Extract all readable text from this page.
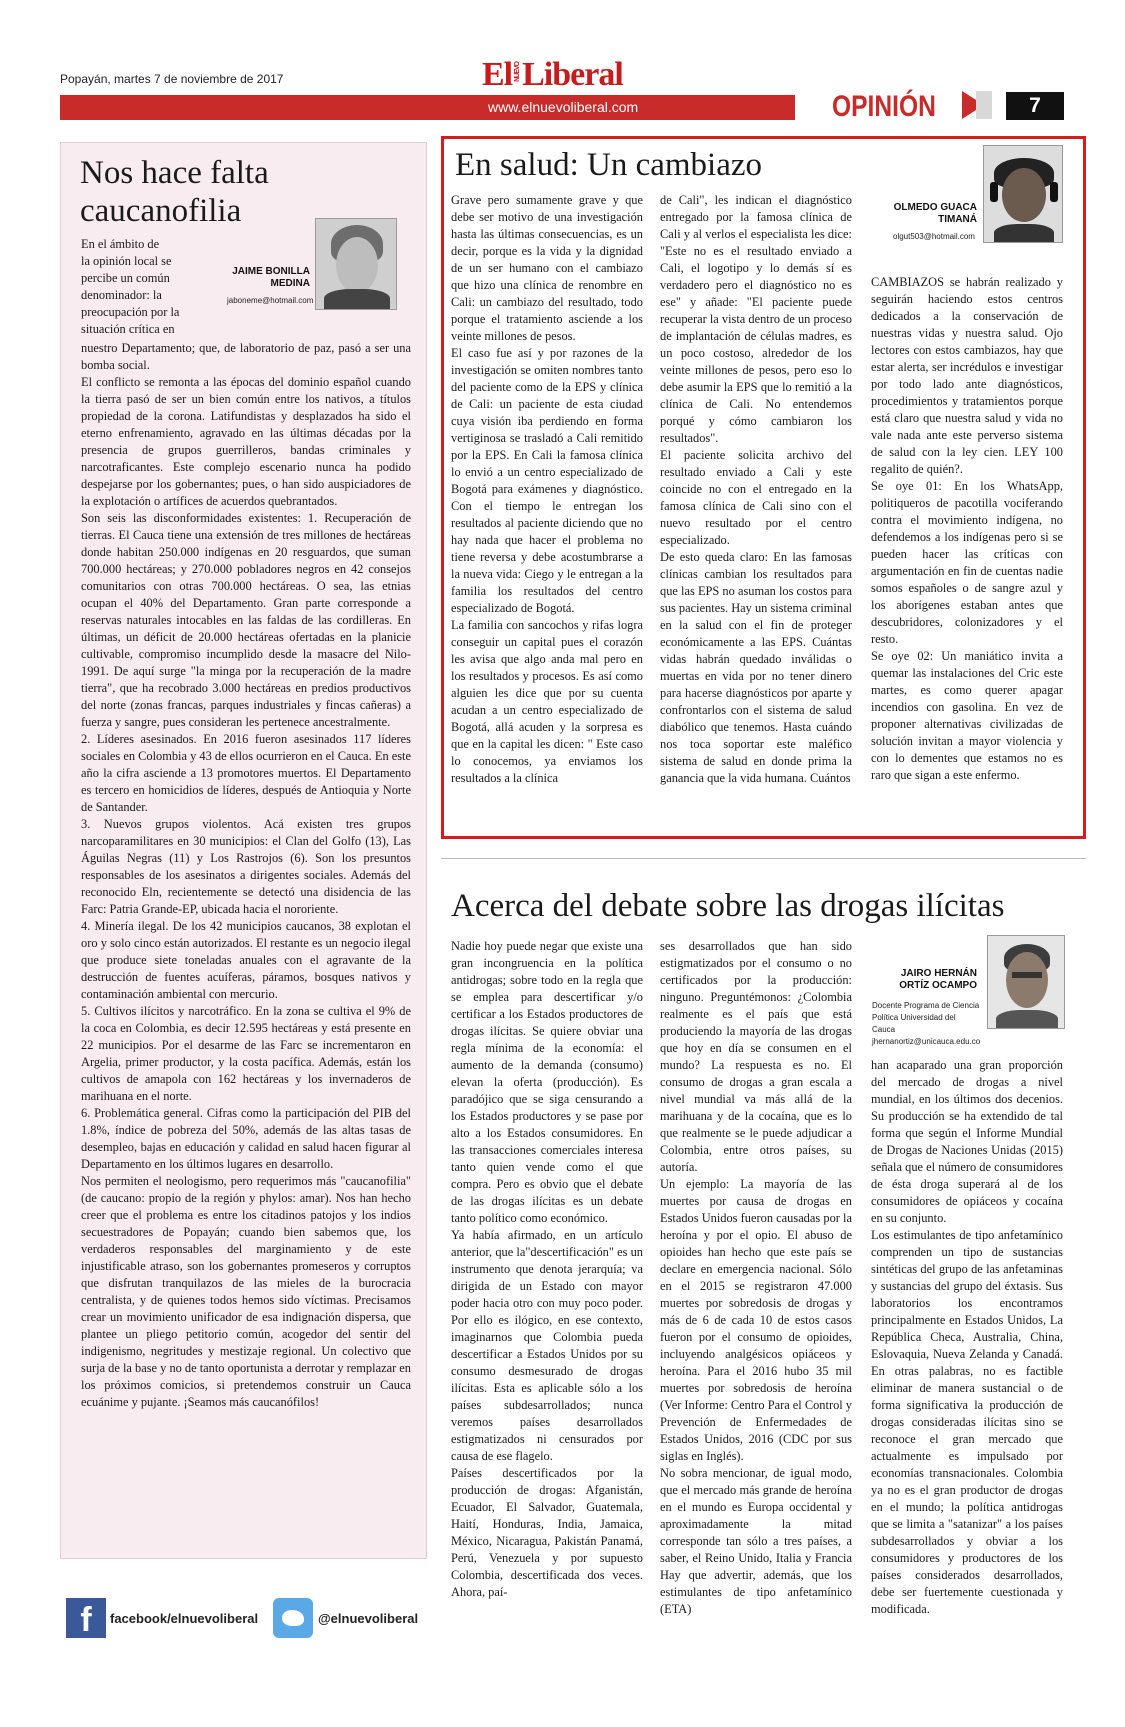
Popayán, martes 7 de noviembre de 2017	El NUEVO Liberal
www.elnuevoliberal.com	OPINIÓN	7
Nos hace falta caucanofilia
En el ámbito de
la opinión local se
percibe un común
denominador: la
preocupación por la
situación crítica en
JAIME BONILLA
MEDINA
jaboneme@hotmail.com
nuestro Departamento; que, de laboratorio de paz, pasó a ser una bomba social.
El conflicto se remonta a las épocas del dominio español cuando la tierra pasó de ser un bien común entre los nativos, a títulos propiedad de la corona. Latifundistas y desplazados ha sido el eterno enfrenamiento, agravado en las últimas décadas por la presencia de grupos guerrilleros, bandas criminales y narcotraficantes. Este complejo escenario nunca ha podido despejarse por los gobernantes; pues, o han sido auspiciadores de la explotación o artífices de acuerdos quebrantados.
Son seis las disconformidades existentes: 1. Recuperación de tierras. El Cauca tiene una extensión de tres millones de hectáreas donde habitan 250.000 indígenas en 20 resguardos, que suman 700.000 hectáreas; y 270.000 pobladores negros en 42 consejos comunitarios con otras 700.000 hectáreas. O sea, las etnias ocupan el 40% del Departamento. Gran parte corresponde a reservas naturales intocables en las faldas de las cordilleras. En últimas, un déficit de 20.000 hectáreas ofertadas en la planicie cultivable, compromiso incumplido desde la masacre del Nilo-1991. De aquí surge "la minga por la recuperación de la madre tierra", que ha recobrado 3.000 hectáreas en predios productivos del norte (zonas francas, parques industriales y fincas cañeras) a fuerza y sangre, pues consideran les pertenece ancestralmente.
2. Líderes asesinados. En 2016 fueron asesinados 117 líderes sociales en Colombia y 43 de ellos ocurrieron en el Cauca. En este año la cifra asciende a 13 promotores muertos. El Departamento es tercero en homicidios de líderes, después de Antioquia y Norte de Santander.
3. Nuevos grupos violentos. Acá existen tres grupos narcoparamilitares en 30 municipios: el Clan del Golfo (13), Las Águilas Negras (11) y Los Rastrojos (6). Son los presuntos responsables de los asesinatos a dirigentes sociales. Además del reconocido Eln, recientemente se detectó una disidencia de las Farc: Patria Grande-EP, ubicada hacia el nororiente.
4. Minería ilegal. De los 42 municipios caucanos, 38 explotan el oro y solo cinco están autorizados. El restante es un negocio ilegal que produce siete toneladas anuales con el agravante de la destrucción de fuentes acuíferas, páramos, bosques nativos y contaminación ambiental con mercurio.
5. Cultivos ilícitos y narcotráfico. En la zona se cultiva el 9% de la coca en Colombia, es decir 12.595 hectáreas y está presente en 22 municipios. Por el desarme de las Farc se incrementaron en Argelia, primer productor, y la costa pacífica. Además, están los cultivos de amapola con 162 hectáreas y los invernaderos de marihuana en el norte.
6. Problemática general. Cifras como la participación del PIB del 1.8%, índice de pobreza del 50%, además de las altas tasas de desempleo, bajas en educación y calidad en salud hacen figurar al Departamento en los últimos lugares en desarrollo.
Nos permiten el neologismo, pero requerimos más "caucanofilia" (de caucano: propio de la región y phylos: amar). Nos han hecho creer que el problema es entre los citadinos patojos y los indios secuestradores de Popayán; cuando bien sabemos que, los verdaderos responsables del marginamiento y de este injustificable atraso, son los gobernantes promeseros y corruptos que disfrutan tranquilazos de las mieles de la burocracia centralista, y de quienes todos hemos sido víctimas. Precisamos crear un movimiento unificador de esa indignación dispersa, que plantee un pliego petitorio común, acogedor del sentir del indigenismo, negritudes y mestizaje regional. Un colectivo que surja de la base y no de tanto oportunista a derrotar y remplazar en los próximos comicios, si pretendemos construir un Cauca ecuánime y pujante. ¡Seamos más caucanófilos!
En salud: Un cambiazo
OLMEDO GUACA
TIMANÁ
olgut503@hotmail.com
Grave pero sumamente grave y que debe ser motivo de una investigación hasta las últimas consecuencias, es un decir, porque es la vida y la dignidad de un ser humano con el cambiazo que hizo una clínica de renombre en Cali: un cambiazo del resultado, todo porque el tratamiento asciende a los veinte millones de pesos.
El caso fue así y por razones de la investigación se omiten nombres tanto del paciente como de la EPS y clínica de Cali: un paciente de esta ciudad cuya visión iba perdiendo en forma vertiginosa se trasladó a Cali remitido por la EPS. En Cali la famosa clínica lo envió a un centro especializado de Bogotá para exámenes y diagnóstico. Con el tiempo le entregan los resultados al paciente diciendo que no hay nada que hacer el problema no tiene reversa y debe acostumbrarse a la nueva vida: Ciego y le entregan a la familia los resultados del centro especializado de Bogotá.
La familia con sancochos y rifas logra conseguir un capital pues el corazón les avisa que algo anda mal pero en los resultados y procesos. Es así como alguien les dice que por su cuenta acudan a un centro especializado de Bogotá, allá acuden y la sorpresa es que en la capital les dicen: " Este caso lo conocemos, ya enviamos los resultados a la clínica
de Cali", les indican el diagnóstico entregado por la famosa clínica de Cali y al verlos el especialista les dice: "Este no es el resultado enviado a Cali, el logotipo y lo demás sí es verdadero pero el diagnóstico no es ese" y añade: "El paciente puede recuperar la vista dentro de un proceso de implantación de células madres, es un poco costoso, alrededor de los veinte millones de pesos, pero eso lo debe asumir la EPS que lo remitió a la clínica de Cali. No entendemos porqué y cómo cambiaron los resultados".
El paciente solicita archivo del resultado enviado a Cali y este coincide no con el entregado en la famosa clínica de Cali sino con el nuevo resultado por el centro especializado.
De esto queda claro: En las famosas clínicas cambian los resultados para que las EPS no asuman los costos para sus pacientes. Hay un sistema criminal en la salud con el fin de proteger económicamente a las EPS. Cuántas vidas habrán quedado inválidas o muertas en vida por no tener dinero para hacerse diagnósticos por aparte y confrontarlos con el sistema de salud diabólico que tenemos. Hasta cuándo nos toca soportar este maléfico sistema de salud en donde prima la ganancia que la vida humana. Cuántos
CAMBIAZOS se habrán realizado y seguirán haciendo estos centros dedicados a la conservación de nuestras vidas y nuestra salud. Ojo lectores con estos cambiazos, hay que estar alerta, ser incrédulos e investigar por todo lado ante diagnósticos, procedimientos y tratamientos porque está claro que nuestra salud y vida no vale nada ante este perverso sistema de salud con la ley cien. LEY 100 regalito de quién?.
Se oye 01: En los WhatsApp, politiqueros de pacotilla vociferando contra el movimiento indígena, no defendemos a los indígenas pero si se pueden hacer las críticas con argumentación en fin de cuentas nadie somos españoles o de sangre azul y los aborígenes estaban antes que descubridores, colonizadores y el resto.
Se oye 02: Un maniático invita a quemar las instalaciones del Cric este martes, es como querer apagar incendios con gasolina. En vez de proponer alternativas civilizadas de solución invitan a mayor violencia y con lo dementes que estamos no es raro que sigan a este enfermo.
Acerca del debate sobre las drogas ilícitas
JAIRO HERNÁN
ORTÍZ OCAMPO
Docente Programa de Ciencia
Política Universidad del Cauca
jhernanortiz@unicauca.edu.co
Nadie hoy puede negar que existe una gran incongruencia en la política antidrogas; sobre todo en la regla que se emplea para descertificar y/o certificar a los Estados productores de drogas ilícitas. Se quiere obviar una regla mínima de la economía: el aumento de la demanda (consumo) elevan la oferta (producción). Es paradójico que se siga censurando a los Estados productores y se pase por alto a los Estados consumidores. En las transacciones comerciales interesa tanto quien vende como el que compra. Pero es obvio que el debate de las drogas ilícitas es un debate tanto político como económico.
Ya había afirmado, en un artículo anterior, que la"descertificación" es un instrumento que denota jerarquía; va dirigida de un Estado con mayor poder hacia otro con muy poco poder. Por ello es ilógico, en ese contexto, imaginarnos que Colombia pueda descertificar a Estados Unidos por su consumo desmesurado de drogas ilícitas. Esta es aplicable sólo a los países subdesarrollados; nunca veremos países desarrollados estigmatizados ni censurados por causa de ese flagelo.
Países descertificados por la producción de drogas: Afganistán, Ecuador, El Salvador, Guatemala, Haití, Honduras, India, Jamaica, México, Nicaragua, Pakistán Panamá, Perú, Venezuela y por supuesto Colombia, descertificada dos veces. Ahora, paí-
ses desarrollados que han sido estigmatizados por el consumo o no certificados por la producción: ninguno. Preguntémonos: ¿Colombia realmente es el país que está produciendo la mayoría de las drogas que hoy en día se consumen en el mundo? La respuesta es no. El consumo de drogas a gran escala a nivel mundial va más allá de la marihuana y de la cocaína, que es lo que realmente se le puede adjudicar a Colombia, entre otros países, su autoría.
Un ejemplo: La mayoría de las muertes por causa de drogas en Estados Unidos fueron causadas por la heroína y por el opio. El abuso de opioides han hecho que este país se declare en emergencia nacional. Sólo en el 2015 se registraron 47.000 muertes por sobredosis de drogas y más de 6 de cada 10 de estos casos fueron por el consumo de opioides, incluyendo analgésicos opiáceos y heroína. Para el 2016 hubo 35 mil muertes por sobredosis de heroína (Ver Informe: Centro Para el Control y Prevención de Enfermedades de Estados Unidos, 2016 (CDC por sus siglas en Inglés).
No sobra mencionar, de igual modo, que el mercado más grande de heroína en el mundo es Europa occidental y aproximadamente la mitad corresponde tan sólo a tres países, a saber, el Reino Unido, Italia y Francia Hay que advertir, además, que los estimulantes de tipo anfetamínico (ETA)
han acaparado una gran proporción del mercado de drogas a nivel mundial, en los últimos dos decenios. Su producción se ha extendido de tal forma que según el Informe Mundial de Drogas de Naciones Unidas (2015) señala que el número de consumidores de ésta droga superará al de los consumidores de opiáceos y cocaína en su conjunto.
Los estimulantes de tipo anfetamínico comprenden un tipo de sustancias sintéticas del grupo de las anfetaminas y sustancias del grupo del éxtasis. Sus laboratorios los encontramos principalmente en Estados Unidos, La República Checa, Australia, China, Eslovaquia, Nueva Zelanda y Canadá. En otras palabras, no es factible eliminar de manera sustancial o de forma significativa la producción de drogas consideradas ilícitas sino se reconoce el gran mercado que actualmente es impulsado por economías transnacionales. Colombia ya no es el gran productor de drogas en el mundo; la política antidrogas que se limita a "satanizar" a los países subdesarrollados y obviar a los consumidores y productores de los países considerados desarrollados, debe ser fuertemente cuestionada y modificada.
f	facebook/elnuevoliberal	@elnuevoliberal
